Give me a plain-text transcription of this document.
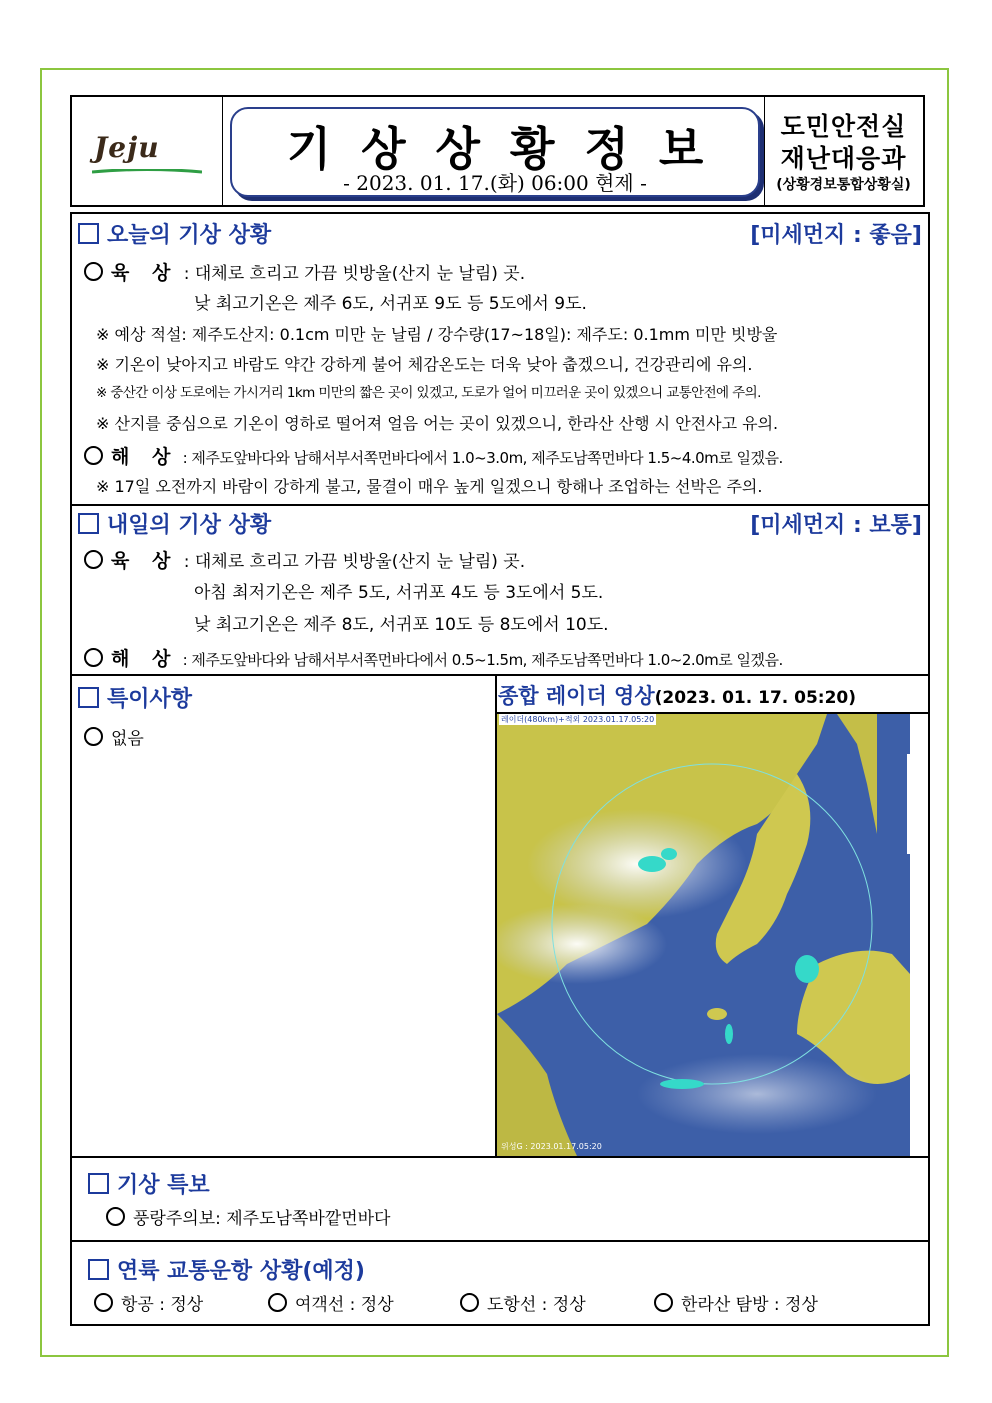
Jeju	기상상황정보
- 2023. 01. 17.(화) 06:00 현제 -
도민안전실
재난대응과
(상황경보통합상황실)
오늘의 기상 상황	[미세먼지 : 좋음]
육 상 : 대체로 흐리고 가끔 빗방울(산지 눈 날림) 곳.
낮 최고기온은 제주 6도, 서귀포 9도 등 5도에서 9도.
※ 예상 적설: 제주도산지: 0.1cm 미만 눈 날림 / 강수량(17~18일): 제주도: 0.1mm 미만 빗방울
※ 기온이 낮아지고 바람도 약간 강하게 불어 체감온도는 더욱 낮아 춥겠으니, 건강관리에 유의.
※ 중산간 이상 도로에는 가시거리 1km 미만의 짧은 곳이 있겠고, 도로가 얼어 미끄러운 곳이 있겠으니 교통안전에 주의.
※ 산지를 중심으로 기온이 영하로 떨어져 얼음 어는 곳이 있겠으니, 한라산 산행 시 안전사고 유의.
해 상 : 제주도앞바다와 남해서부서쪽먼바다에서 1.0~3.0m, 제주도남쪽먼바다 1.5~4.0m로 일겠음.
※ 17일 오전까지 바람이 강하게 불고, 물결이 매우 높게 일겠으니 항해나 조업하는 선박은 주의.
내일의 기상 상황	[미세먼지 : 보통]
육 상 : 대체로 흐리고 가끔 빗방울(산지 눈 날림) 곳.
아침 최저기온은 제주 5도, 서귀포 4도 등 3도에서 5도.
낮 최고기온은 제주 8도, 서귀포 10도 등 8도에서 10도.
해 상 : 제주도앞바다와 남해서부서쪽먼바다에서 0.5~1.5m, 제주도남쪽먼바다 1.0~2.0m로 일겠음.
특이사항
없음
종합 레이더 영상(2023. 01. 17. 05:20)
레이더(480km)+적외 2023.01.17.05:20
위성G : 2023.01.17.05:20
기상 특보
풍랑주의보: 제주도남쪽바깥먼바다
연륙 교통운항 상황(예정)
항공 : 정상	여객선 : 정상	도항선 : 정상	한라산 탐방 : 정상
